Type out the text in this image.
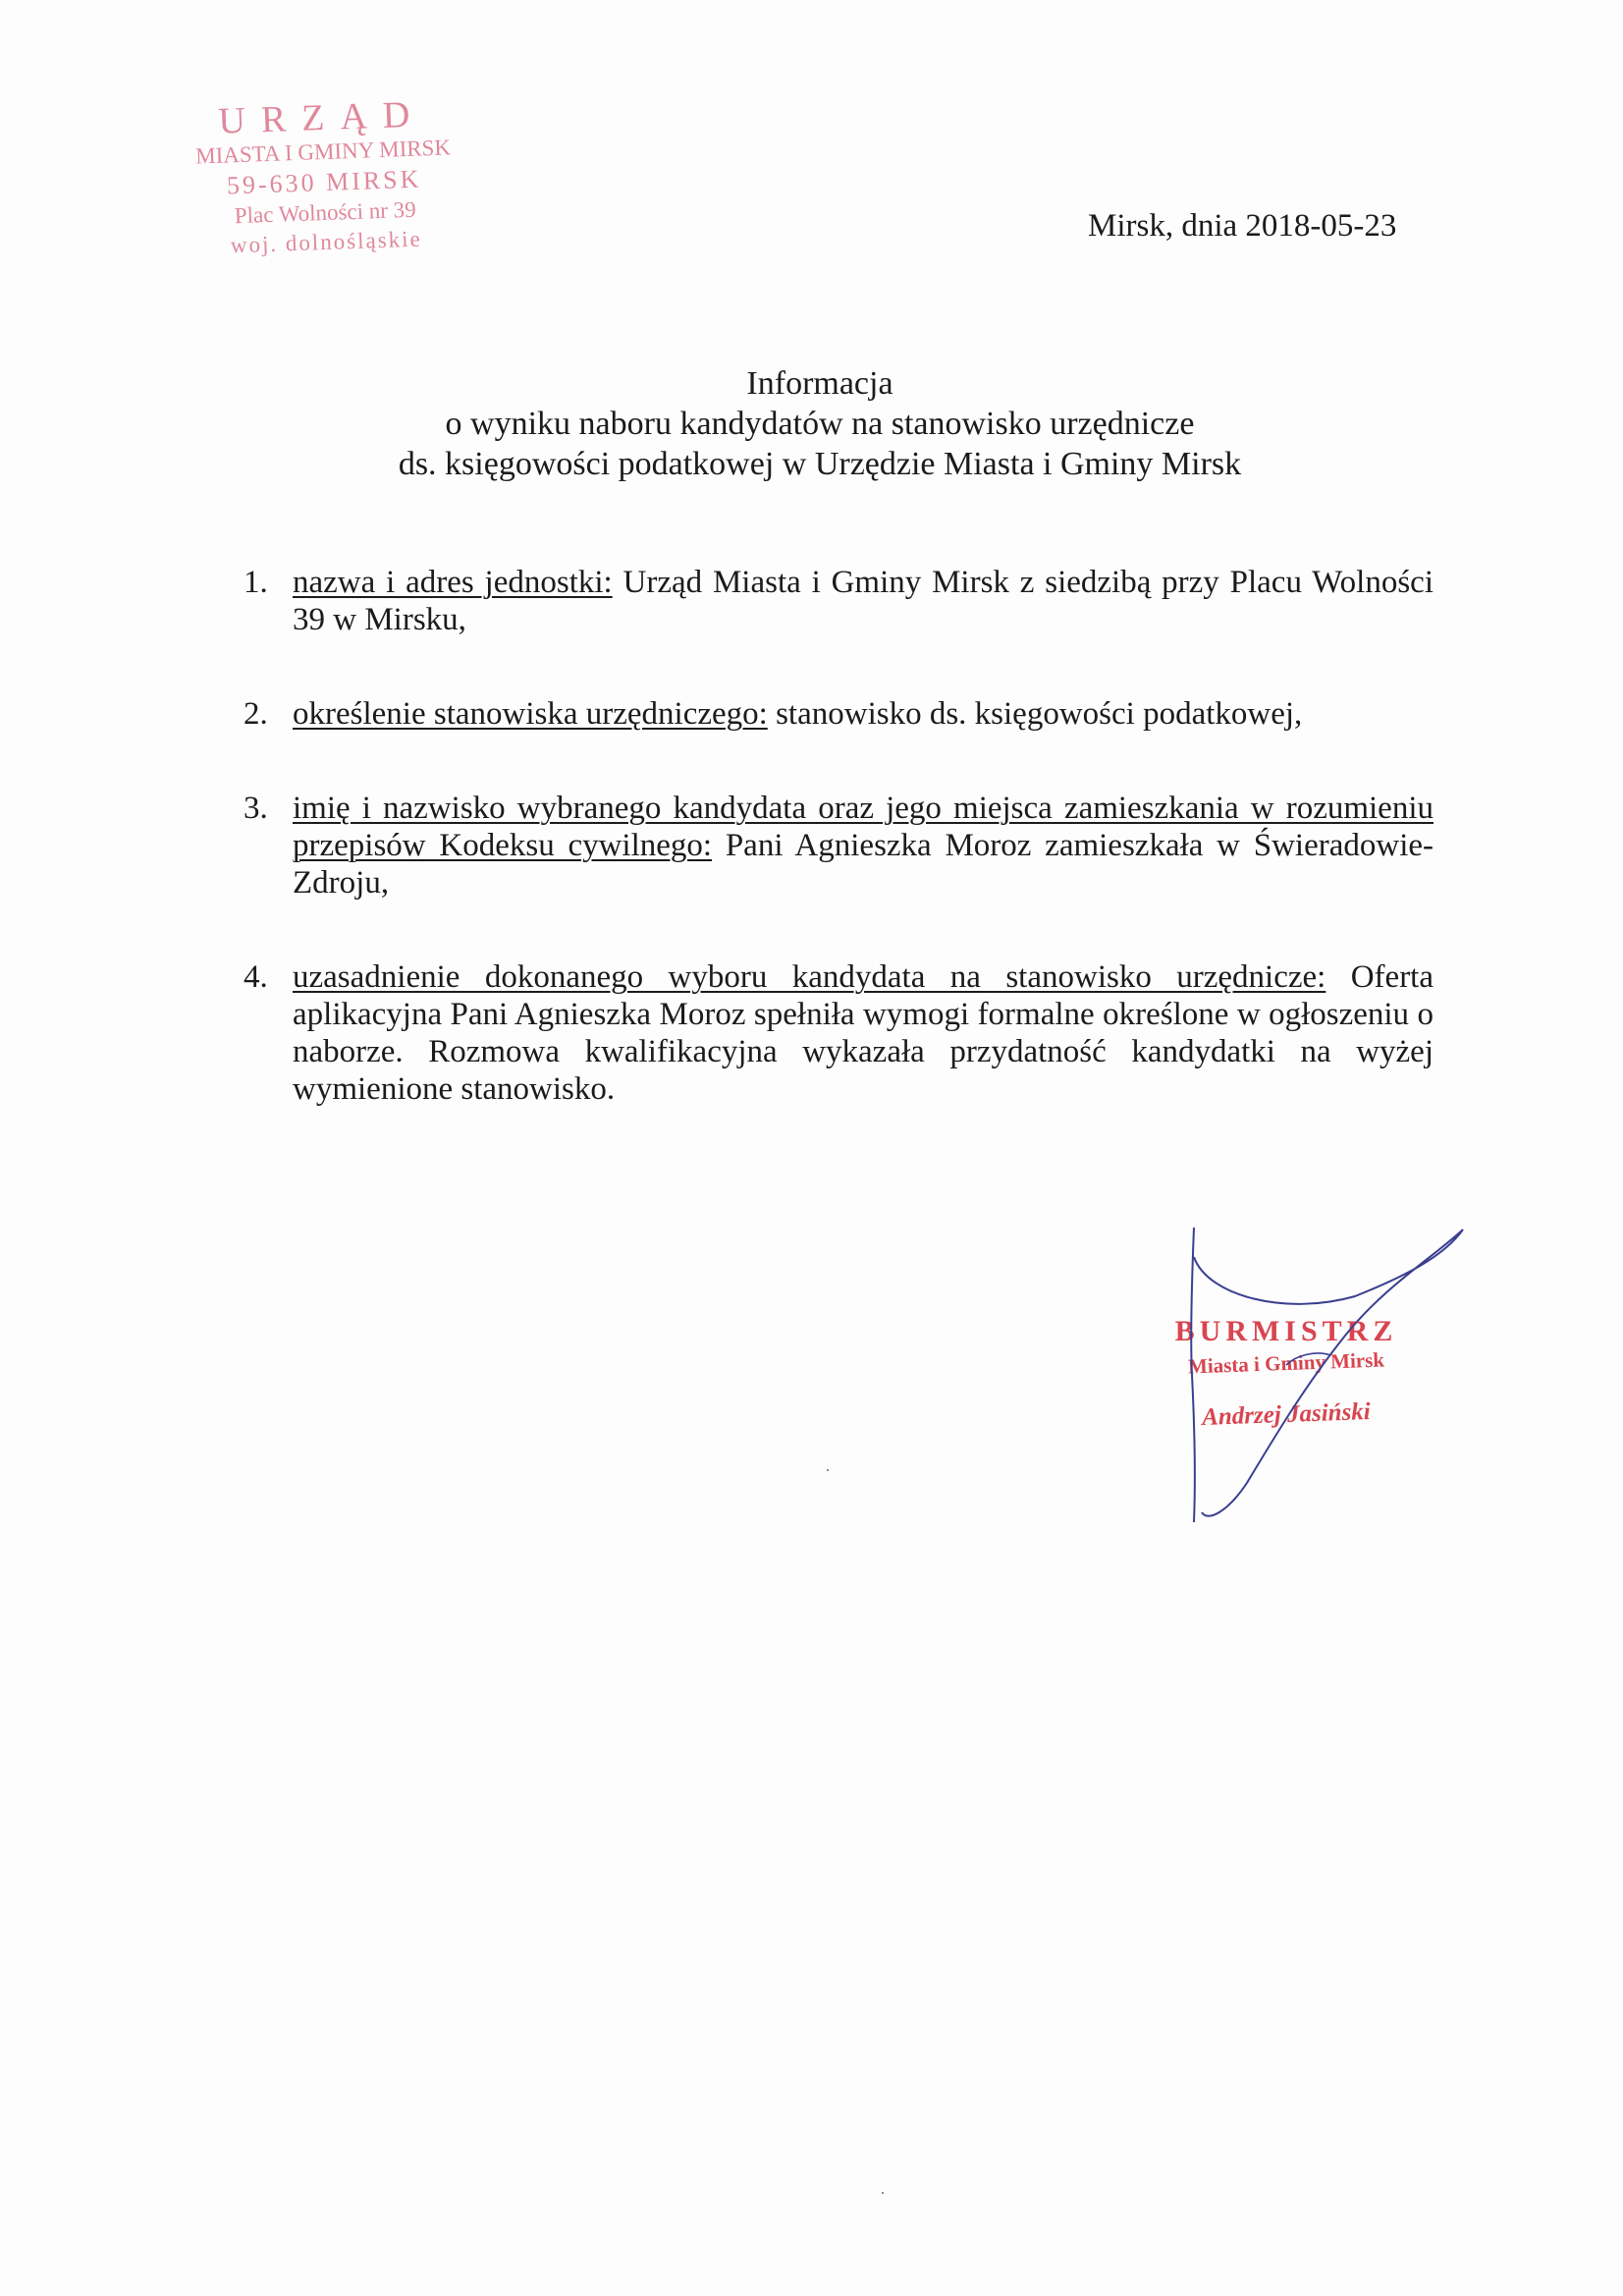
URZĄD
MIASTA I GMINY MIRSK
59-630 MIRSK
Plac Wolności nr 39
woj. dolnośląskie	Mirsk, dnia 2018-05-23
Informacja
o wyniku naboru kandydatów na stanowisko urzędnicze
ds. księgowości podatkowej w Urzędzie Miasta i Gminy Mirsk
1. nazwa i adres jednostki: Urząd Miasta i Gminy Mirsk z siedzibą przy Placu Wolności 39 w Mirsku,
2. określenie stanowiska urzędniczego: stanowisko ds. księgowości podatkowej,
3. imię i nazwisko wybranego kandydata oraz jego miejsca zamieszkania w rozumieniu przepisów Kodeksu cywilnego: Pani Agnieszka Moroz zamieszkała w Świeradowie-Zdroju,
4. uzasadnienie dokonanego wyboru kandydata na stanowisko urzędnicze: Oferta aplikacyjna Pani Agnieszka Moroz spełniła wymogi formalne określone w ogłoszeniu o naborze. Rozmowa kwalifikacyjna wykazała przydatność kandydatki na wyżej wymienione stanowisko.
BURMISTRZ
Miasta i Gminy Mirsk
Andrzej Jasiński
